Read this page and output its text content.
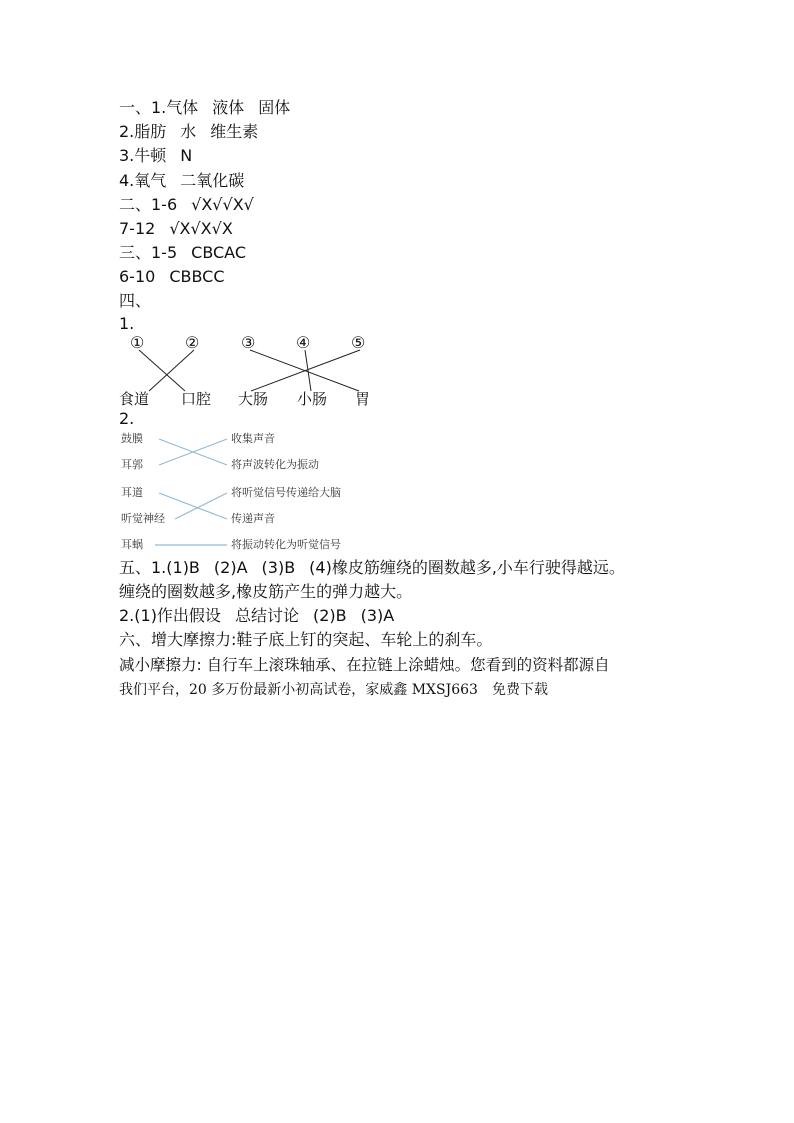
一、1.气体 液体 固体
2.脂肪 水 维生素
3.牛顿 N
4.氧气 二氧化碳
二、1-6 √X√√X√
7-12 √X√X√X
三、1-5 CBCAC
6-10 CBBCC
四、
1.
①	②	③	④	⑤
食道 口腔 大肠 小肠 胃
2.
鼓膜
耳郭
耳道
听觉神经
耳蜗
收集声音
将声波转化为振动
将听觉信号传递给大脑
传递声音
将振动转化为听觉信号
五、1.(1)B (2)A (3)B (4)橡皮筋缠绕的圈数越多,小车行驶得越远。
缠绕的圈数越多,橡皮筋产生的弹力越大。
2.(1)作出假设 总结讨论 (2)B (3)A
六、增大摩擦力:鞋子底上钉的突起、车轮上的刹车。
减小摩擦力: 自行车上滚珠轴承、在拉链上涂蜡烛。您看到的资料都源自
我们平台，20 多万份最新小初高试卷，家威鑫 MXSJ663 免费下载
